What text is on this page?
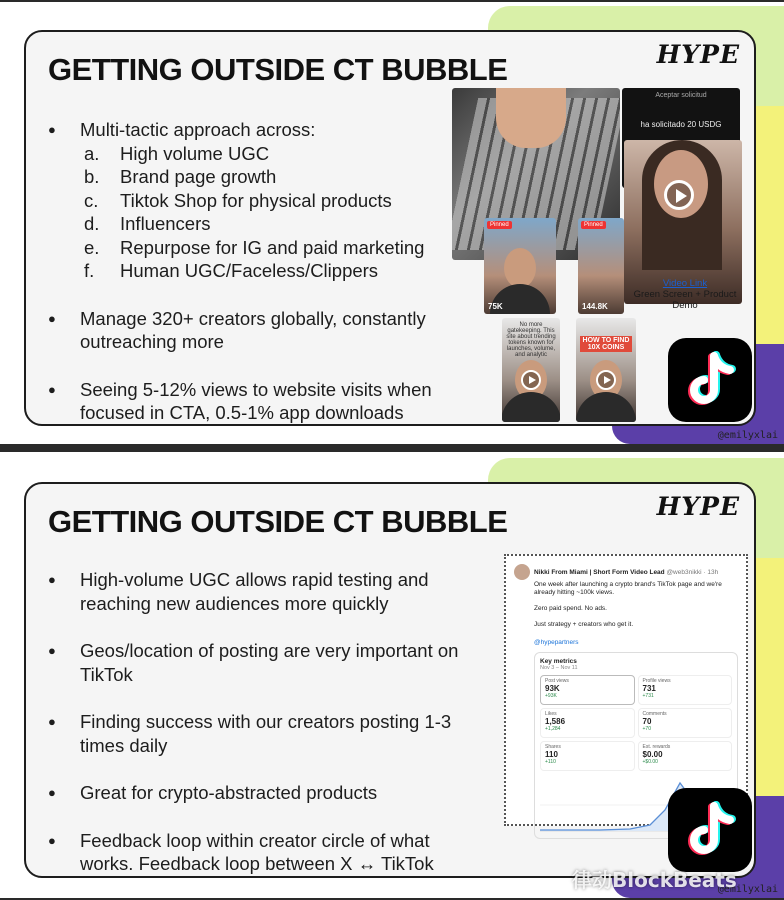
GETTING OUTSIDE CT BUBBLE	HYPE
● Multi-tactic approach across:
a. High volume UGC
b. Brand page growth
c. Tiktok Shop for physical products
d. Influencers
e. Repurpose for IG and paid marketing
f. Human UGC/Faceless/Clippers
● Manage 320+ creators globally, constantly outreaching more
● Seeing 5-12% views to website visits when focused in CTA, 0.5-1% app downloads
Aceptar solicitud
ha solicitado 20 USDG
Pinned
75K
Pinned
144.8K
Video Link
Green Screen + Product Demo
No more gatekeeping. This site about trending tokens known for launches, volume, and analytic
HOW TO FIND 10X COINS
@emilyxlai
GETTING OUTSIDE CT BUBBLE	HYPE
● High-volume UGC allows rapid testing and reaching new audiences more quickly
● Geos/location of posting are very important on TikTok
● Finding success with our creators posting 1-3 times daily
● Great for crypto-abstracted products
● Feedback loop within creator circle of what works. Feedback loop between X ↔ TikTok
Nikki From Miami | Short Form Video Lead @web3nikki · 13h
One week after launching a crypto brand's TikTok page and we're already hitting ~100k views.
Zero paid spend. No ads.
Just strategy + creators who get it.
@hypepartners
Key metrics
Nov 3 – Nov 11
Post views
93K
+93K
Profile views
731
+731
Likes
1,586
+1,284
Comments
70
+70
Shares
110
+110
Est. rewards
$0.00
+$0.00
@emilyxlai
律动BlockBeats
